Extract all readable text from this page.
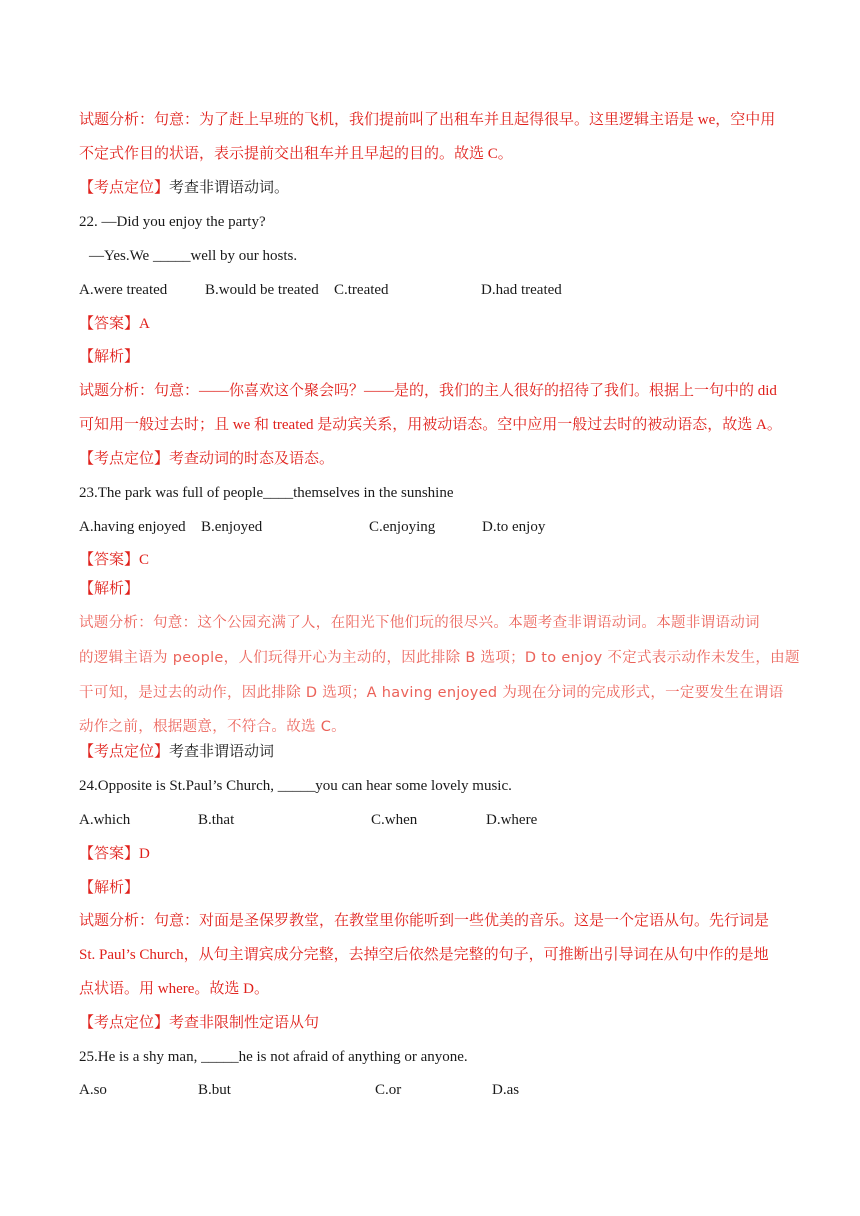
试题分析：句意：为了赶上早班的飞机，我们提前叫了出租车并且起得很早。这里逻辑主语是 we，空中用
不定式作目的状语，表示提前交出租车并且早起的目的。故选 C。
【考点定位】考查非谓语动词。
22. —Did you enjoy the party?
—Yes.We _____well by our hosts.
A.were treated	B.would be treated C.treated	D.had treated
【答案】A
【解析】
试题分析：句意：——你喜欢这个聚会吗？——是的，我们的主人很好的招待了我们。根据上一句中的 did
可知用一般过去时；且 we 和 treated 是动宾关系，用被动语态。空中应用一般过去时的被动语态，故选 A。
【考点定位】考查动词的时态及语态。
23.The park was full of people____themselves in the sunshine
A.having enjoyed B.enjoyed	C.enjoying	D.to enjoy
【答案】C
【解析】
试题分析：句意：这个公园充满了人，在阳光下他们玩的很尽兴。本题考查非谓语动词。本题非谓语动词
的逻辑主语为 people，人们玩得开心为主动的，因此排除 B 选项；D to enjoy 不定式表示动作未发生，由题
干可知，是过去的动作，因此排除 D 选项；A having enjoyed 为现在分词的完成形式，一定要发生在谓语
动作之前，根据题意，不符合。故选 C。
【考点定位】考查非谓语动词
24.Opposite is St.Paul’s Church, _____you can hear some lovely music.
A.which	B.that	C.when	D.where
【答案】D
【解析】
试题分析：句意：对面是圣保罗教堂，在教堂里你能听到一些优美的音乐。这是一个定语从句。先行词是
St. Paul’s Church，从句主谓宾成分完整，去掉空后依然是完整的句子，可推断出引导词在从句中作的是地
点状语。用 where。故选 D。
【考点定位】考查非限制性定语从句
25.He is a shy man, _____he is not afraid of anything or anyone.
A.so	B.but	C.or	D.as
